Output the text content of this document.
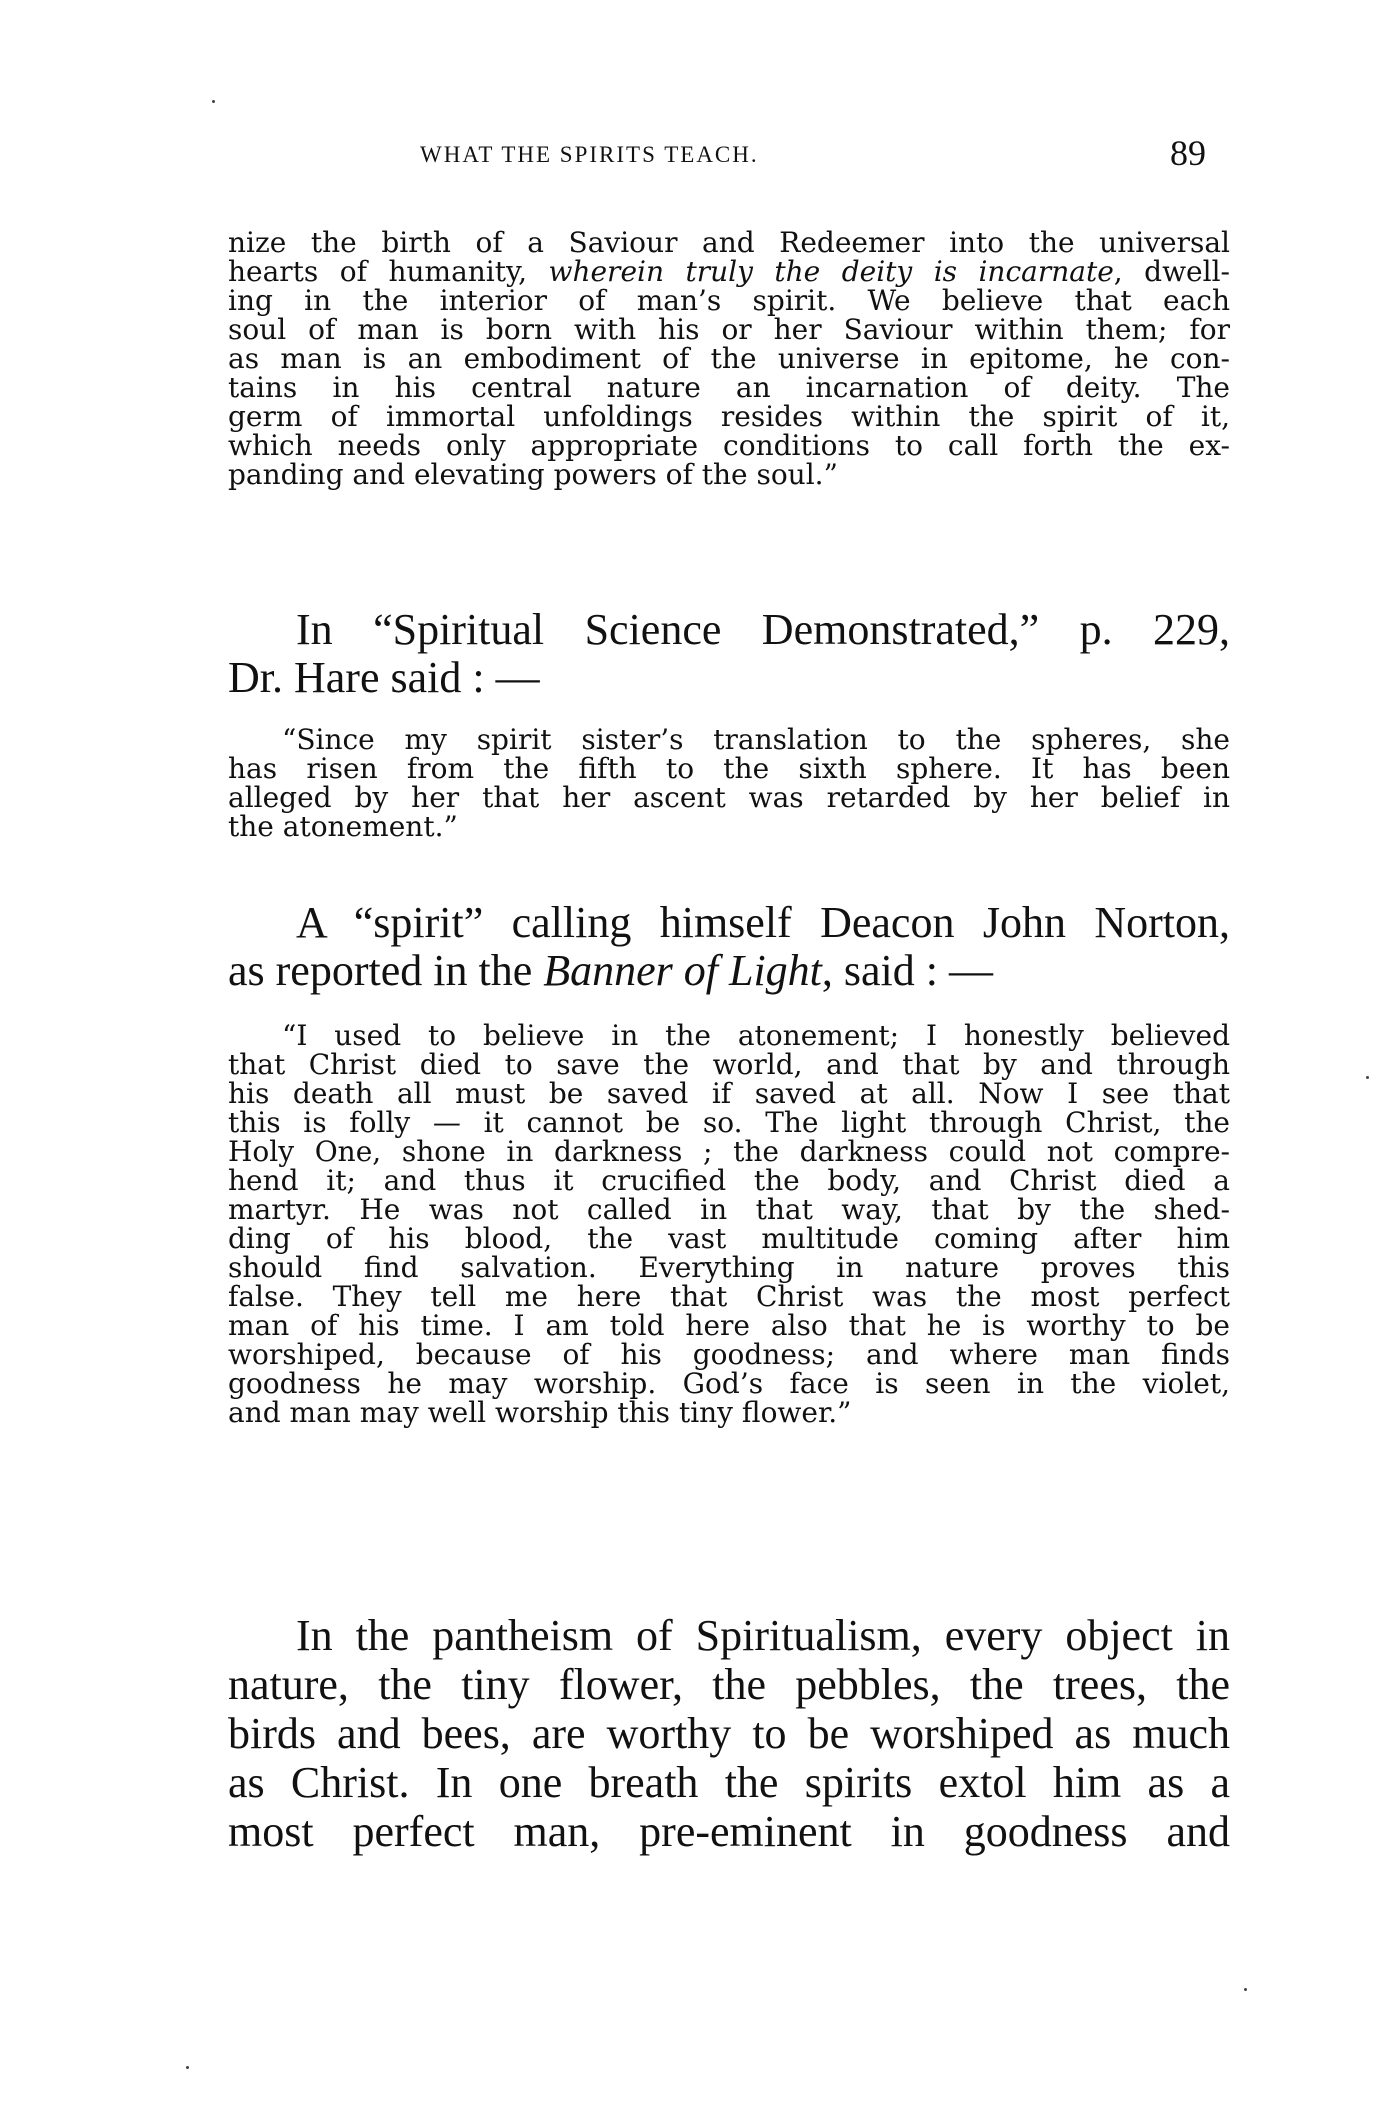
WHAT THE SPIRITS TEACH.	89
nize the birth of a Saviour and Redeemer into the universal
hearts of humanity, wherein truly the deity is incarnate, dwell-
ing in the interior of man’s spirit. We believe that each
soul of man is born with his or her Saviour within them; for
as man is an embodiment of the universe in epitome, he con-
tains in his central nature an incarnation of deity. The
germ of immortal unfoldings resides within the spirit of it,
which needs only appropriate conditions to call forth the ex-
panding and elevating powers of the soul.”
In “Spiritual Science Demonstrated,” p. 229,
Dr. Hare said : —
“Since my spirit sister’s translation to the spheres, she
has risen from the fifth to the sixth sphere. It has been
alleged by her that her ascent was retarded by her belief in
the atonement.”
A “spirit” calling himself Deacon John Norton,
as reported in the Banner of Light, said : —
“I used to believe in the atonement; I honestly believed
that Christ died to save the world, and that by and through
his death all must be saved if saved at all. Now I see that
this is folly — it cannot be so. The light through Christ, the
Holy One, shone in darkness ; the darkness could not compre-
hend it; and thus it crucified the body, and Christ died a
martyr. He was not called in that way, that by the shed-
ding of his blood, the vast multitude coming after him
should find salvation. Everything in nature proves this
false. They tell me here that Christ was the most perfect
man of his time. I am told here also that he is worthy to be
worshiped, because of his goodness; and where man finds
goodness he may worship. God’s face is seen in the violet,
and man may well worship this tiny flower.”
In the pantheism of Spiritualism, every object in
nature, the tiny flower, the pebbles, the trees, the
birds and bees, are worthy to be worshiped as much
as Christ. In one breath the spirits extol him as a
most perfect man, pre-eminent in goodness and
